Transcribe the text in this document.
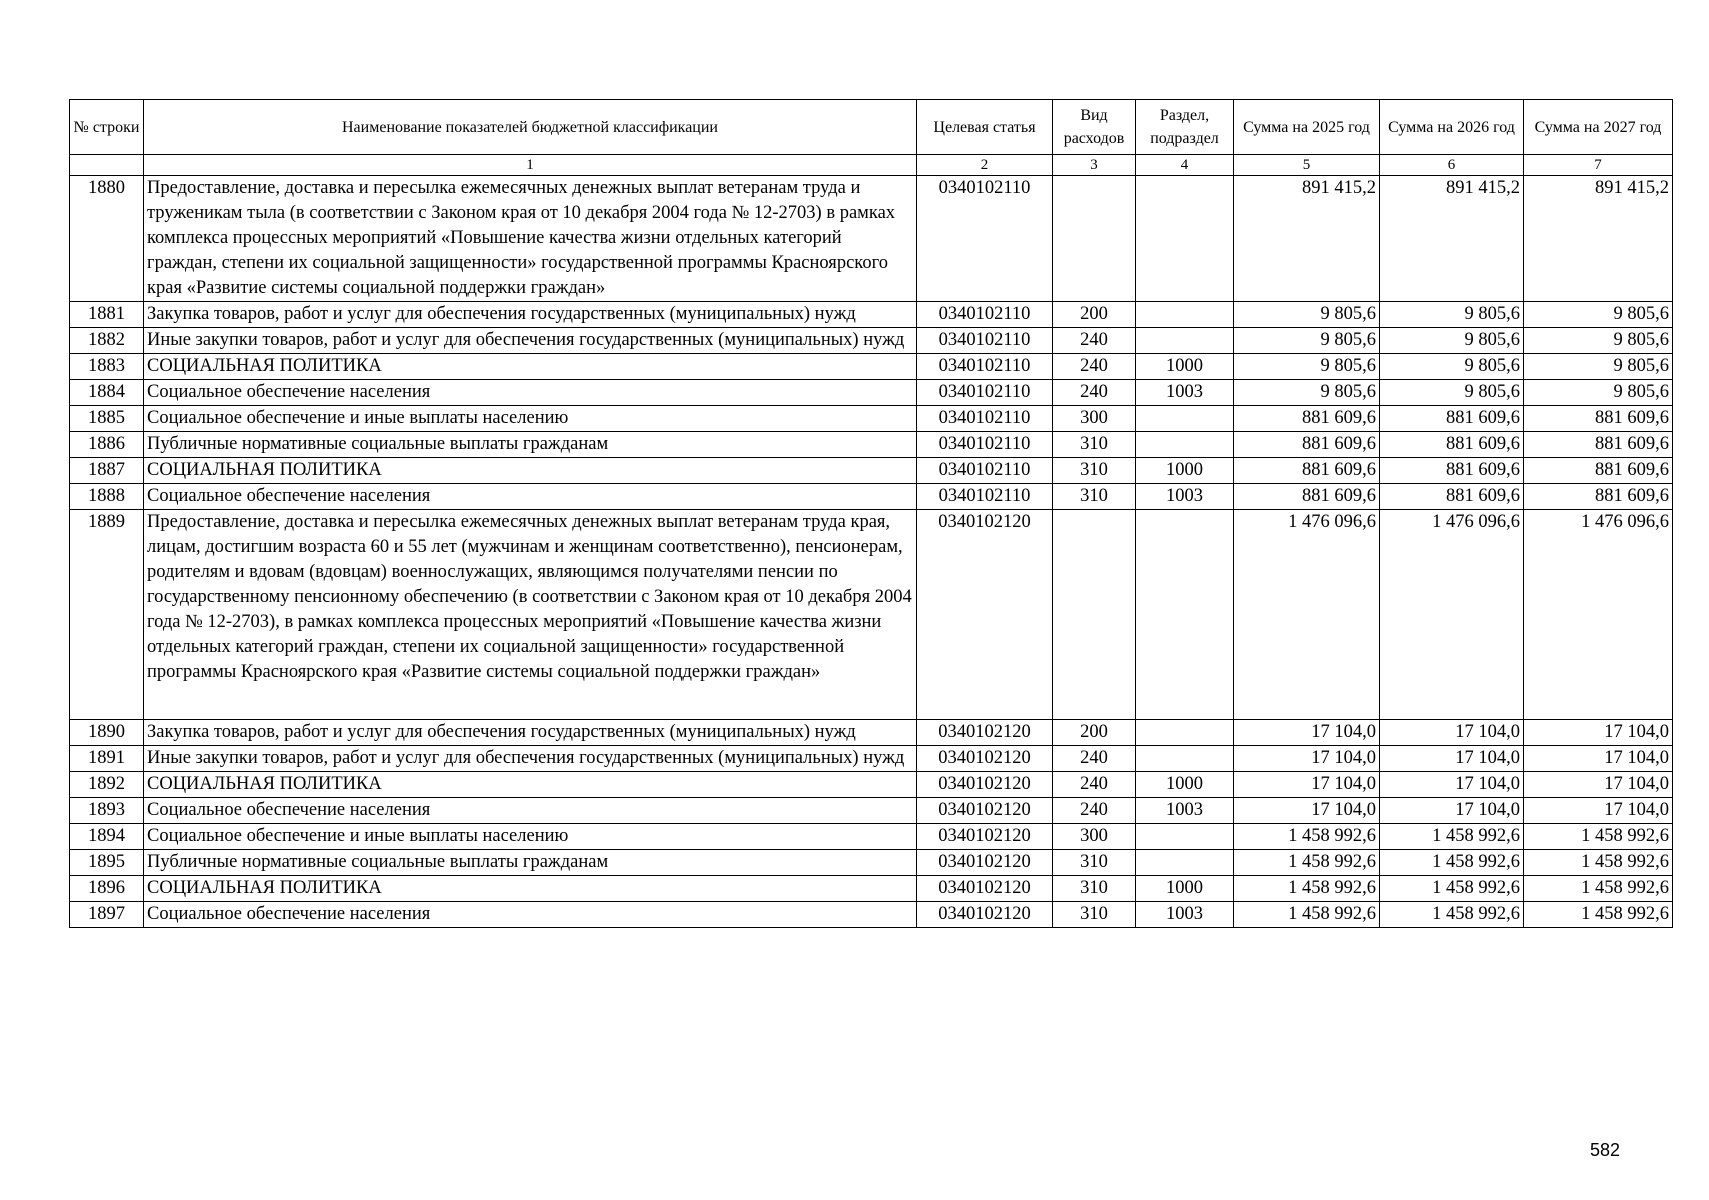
№ строки	Наименование показателей бюджетной классификации	Целевая статья	Вид расходов	Раздел, подраздел	Сумма на 2025 год	Сумма на 2026 год	Сумма на 2027 год
	1	2	3	4	5	6	7
1880	Предоставление, доставка и пересылка ежемесячных денежных выплат ветеранам труда и труженикам тыла (в соответствии с Законом края от 10 декабря 2004 года № 12-2703) в рамках комплекса процессных мероприятий «Повышение качества жизни отдельных категорий граждан, степени их социальной защищенности» государственной программы Красноярского края «Развитие системы социальной поддержки граждан»	0340102110			891 415,2	891 415,2	891 415,2
1881	Закупка товаров, работ и услуг для обеспечения государственных (муниципальных) нужд	0340102110	200		9 805,6	9 805,6	9 805,6
1882	Иные закупки товаров, работ и услуг для обеспечения государственных (муниципальных) нужд	0340102110	240		9 805,6	9 805,6	9 805,6
1883	СОЦИАЛЬНАЯ ПОЛИТИКА	0340102110	240	1000	9 805,6	9 805,6	9 805,6
1884	Социальное обеспечение населения	0340102110	240	1003	9 805,6	9 805,6	9 805,6
1885	Социальное обеспечение и иные выплаты населению	0340102110	300		881 609,6	881 609,6	881 609,6
1886	Публичные нормативные социальные выплаты гражданам	0340102110	310		881 609,6	881 609,6	881 609,6
1887	СОЦИАЛЬНАЯ ПОЛИТИКА	0340102110	310	1000	881 609,6	881 609,6	881 609,6
1888	Социальное обеспечение населения	0340102110	310	1003	881 609,6	881 609,6	881 609,6
1889	Предоставление, доставка и пересылка ежемесячных денежных выплат ветеранам труда края, лицам, достигшим возраста 60 и 55 лет (мужчинам и женщинам соответственно), пенсионерам, родителям и вдовам (вдовцам) военнослужащих, являющимся получателями пенсии по государственному пенсионному обеспечению (в соответствии с Законом края от 10 декабря 2004 года № 12-2703), в рамках комплекса процессных мероприятий «Повышение качества жизни отдельных категорий граждан, степени их социальной защищенности» государственной программы Красноярского края «Развитие системы социальной поддержки граждан»	0340102120			1 476 096,6	1 476 096,6	1 476 096,6
1890	Закупка товаров, работ и услуг для обеспечения государственных (муниципальных) нужд	0340102120	200		17 104,0	17 104,0	17 104,0
1891	Иные закупки товаров, работ и услуг для обеспечения государственных (муниципальных) нужд	0340102120	240		17 104,0	17 104,0	17 104,0
1892	СОЦИАЛЬНАЯ ПОЛИТИКА	0340102120	240	1000	17 104,0	17 104,0	17 104,0
1893	Социальное обеспечение населения	0340102120	240	1003	17 104,0	17 104,0	17 104,0
1894	Социальное обеспечение и иные выплаты населению	0340102120	300		1 458 992,6	1 458 992,6	1 458 992,6
1895	Публичные нормативные социальные выплаты гражданам	0340102120	310		1 458 992,6	1 458 992,6	1 458 992,6
1896	СОЦИАЛЬНАЯ ПОЛИТИКА	0340102120	310	1000	1 458 992,6	1 458 992,6	1 458 992,6
1897	Социальное обеспечение населения	0340102120	310	1003	1 458 992,6	1 458 992,6	1 458 992,6
582
